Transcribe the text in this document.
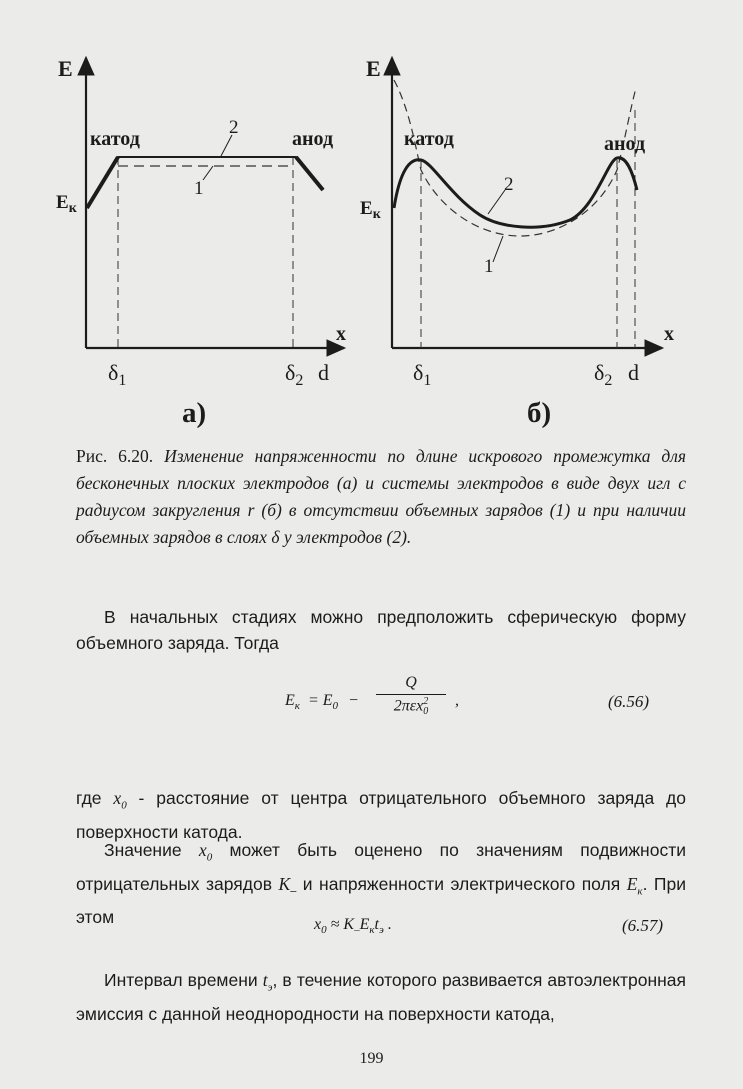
E
x
$E_к$
катод	анод
2
1
$\delta_1$	$\delta_2$ d
а)
E
x
$E_к$
катод	анод
2
1
$\delta_1$	$\delta_2$ d
б)
Рис. 6.20. Изменение напряженности по длине искрового промежутка для бесконечных плоских электродов (а) и системы электродов в виде двух игл с радиусом закругления r (б) в отсутствии объемных зарядов (1) и при наличии объемных зарядов в слоях δ у электродов (2).
В начальных стадиях можно предположить сферическую форму объемного заряда. Тогда
$E_к = E_0$ −
Q
2πεx 2
0
,	(6.56)
где $x_0$ - расстояние от центра отрицательного объемного заряда до поверхности катода.
Значение $x_0$ может быть оценено по значениям подвижности отрицательных зарядов $K_-$ и напряженности электрического поля $E_к$. При этом	$x_0 \approx K_-E_кt_э$ .	(6.57)
Интервал времени $t_э$, в течение которого развивается автоэлектронная эмиссия с данной неоднородности на поверхности катода,
199
